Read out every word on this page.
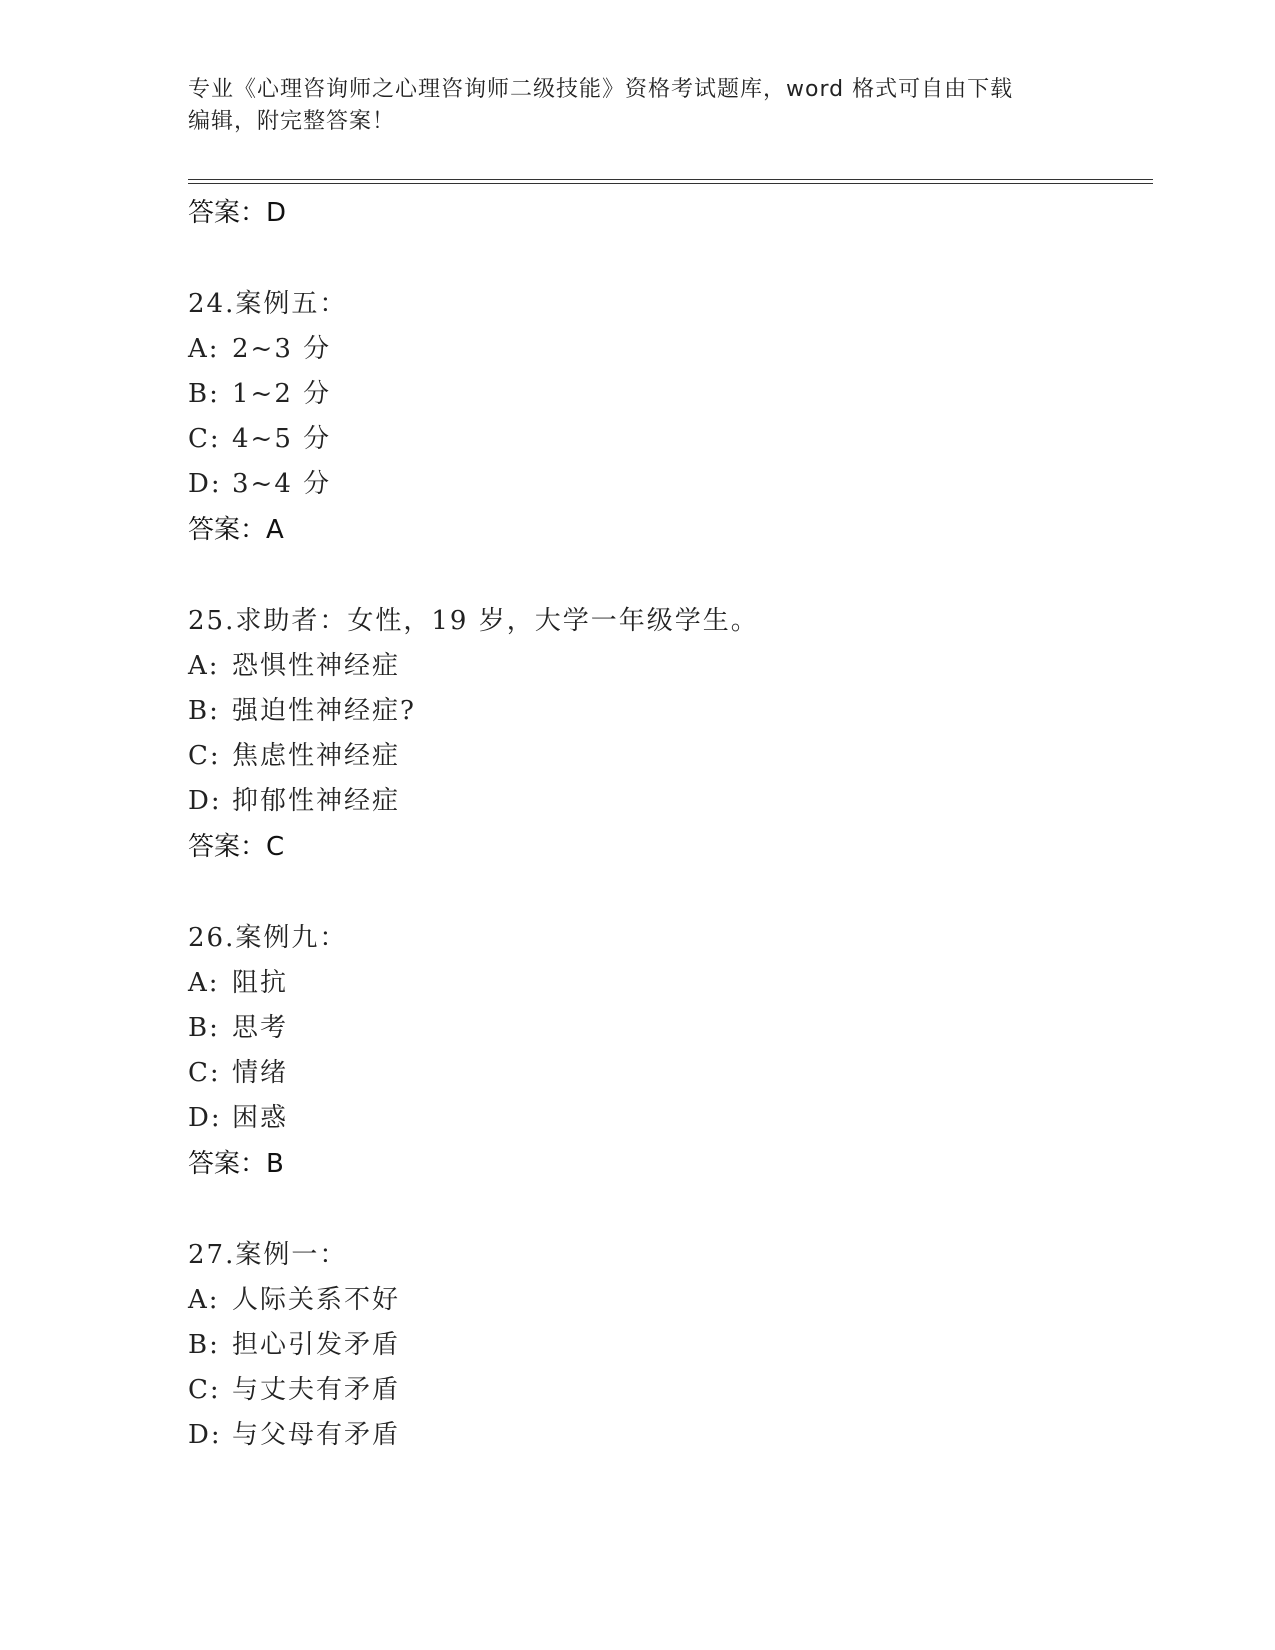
专业《心理咨询师之心理咨询师二级技能》资格考试题库，word 格式可自由下载
编辑，附完整答案！
答案：D
24.案例五：
A: 2~3 分
B: 1~2 分
C: 4~5 分
D: 3~4 分
答案：A
25.求助者：女性，19 岁，大学一年级学生。
A: 恐惧性神经症
B: 强迫性神经症?
C: 焦虑性神经症
D: 抑郁性神经症
答案：C
26.案例九：
A: 阻抗
B: 思考
C: 情绪
D: 困惑
答案：B
27.案例一：
A: 人际关系不好
B: 担心引发矛盾
C: 与丈夫有矛盾
D: 与父母有矛盾
